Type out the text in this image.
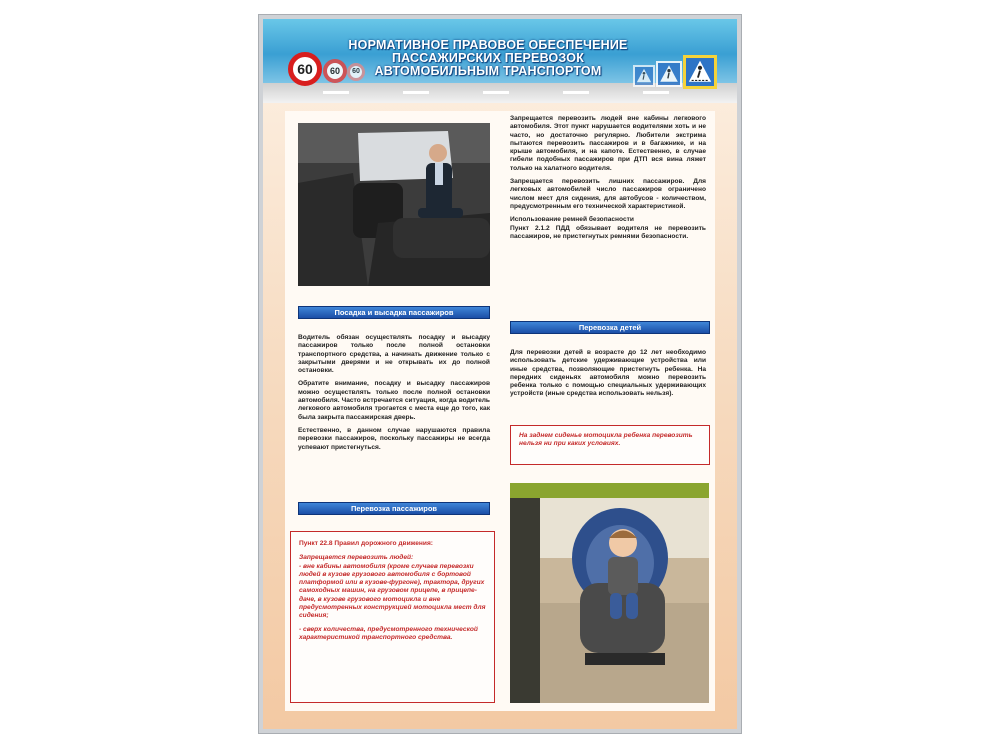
60	60	60
НОРМАТИВНОЕ ПРАВОВОЕ ОБЕСПЕЧЕНИЕ
ПАССАЖИРСКИХ ПЕРЕВОЗОК
АВТОМОБИЛЬНЫМ ТРАНСПОРТОМ
Посадка и высадка пассажиров

Водитель обязан осуществлять посадку и высадку пассажиров только после полной остановки транспортного средства, а начинать движение только с закрытыми дверями и не открывать их до полной остановки.

Обратите внимание, посадку и высадку пассажиров можно осуществлять только после полной остановки автомобиля. Часто встречается ситуация, когда водитель легкового автомобиля трогается с места еще до того, как была закрыта пассажирская дверь.

Естественно, в данном случае нарушаются правила перевозки пассажиров, поскольку пассажиры не всегда успевают пристегнуться.

Перевозка пассажиров
Пункт 22.8 Правил дорожного движения:
Запрещается перевозить людей:
- вне кабины автомобиля (кроме случаев перевозки людей в кузове грузового автомобиля с бортовой платформой или в кузове-фургоне), трактора, других самоходных машин, на грузовом прицепе, в прицепе-даче, в кузове грузового мотоцикла и вне предусмотренных конструкцией мотоцикла мест для сидения;
- сверх количества, предусмотренного технической характеристикой транспортного средства.

Запрещается перевозить людей вне кабины легкового автомобиля. Этот пункт нарушается водителями хоть и не часто, но достаточно регулярно. Любители экстрима пытаются перевозить пассажиров и в багажнике, и на крыше автомобиля, и на капоте. Естественно, в случае гибели подобных пассажиров при ДТП вся вина ляжет только на халатного водителя.

Запрещается перевозить лишних пассажиров. Для легковых автомобилей число пассажиров ограничено числом мест для сидения, для автобусов - количеством, предусмотренным его технической характеристикой.

Использование ремней безопасности

Пункт 2.1.2 ПДД обязывает водителя не перевозить пассажиров, не пристегнутых ремнями безопасности.

Перевозка детей

Для перевозки детей в возрасте до 12 лет необходимо использовать детские удерживающие устройства или иные средства, позволяющие пристегнуть ребенка. На передних сиденьях автомобиля можно перевозить ребенка только с помощью специальных удерживающих устройств (иные средства использовать нельзя).

На заднем сиденье мотоцикла ребенка перевозить нельзя ни при каких условиях.
